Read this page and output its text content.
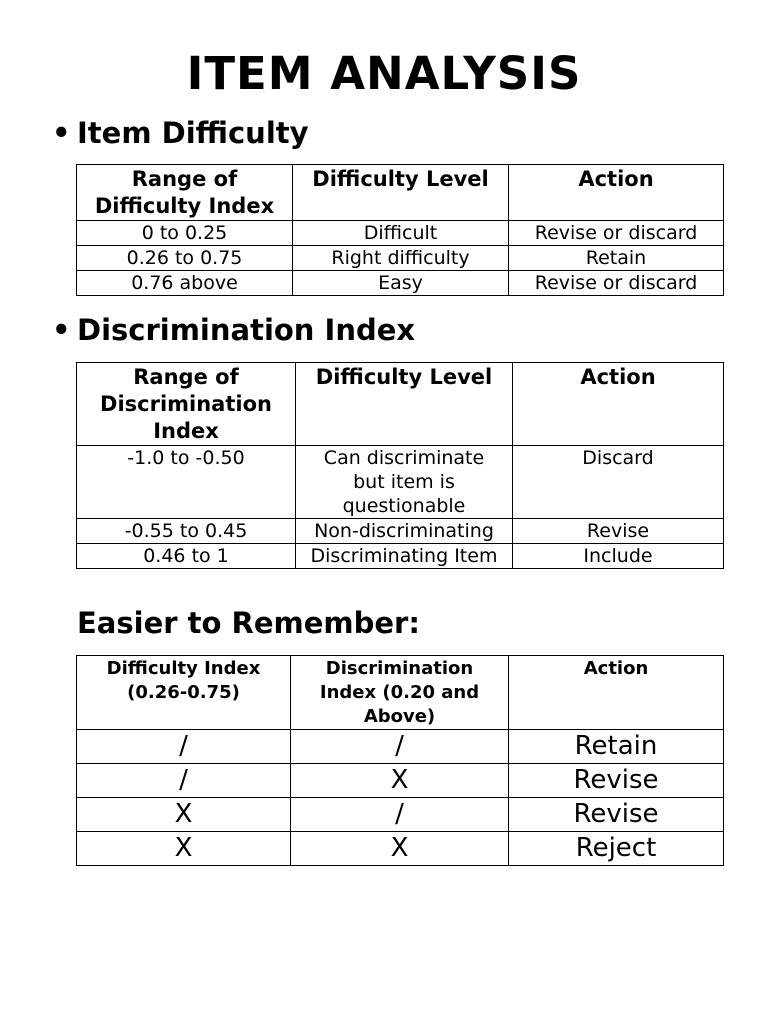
ITEM ANALYSIS
• Item Difficulty
Range of Difficulty Index	Difficulty Level	Action
0 to 0.25	Difficult	Revise or discard
0.26 to 0.75	Right difficulty	Retain
0.76 above	Easy	Revise or discard
• Discrimination Index
Range of Discrimination Index	Difficulty Level	Action
-1.0 to -0.50	Can discriminate but item is questionable	Discard
-0.55 to 0.45	Non-discriminating	Revise
0.46 to 1	Discriminating Item	Include
Easier to Remember:
Difficulty Index (0.26-0.75)	Discrimination Index (0.20 and Above)	Action
/	/	Retain
/	X	Revise
X	/	Revise
X	X	Reject
